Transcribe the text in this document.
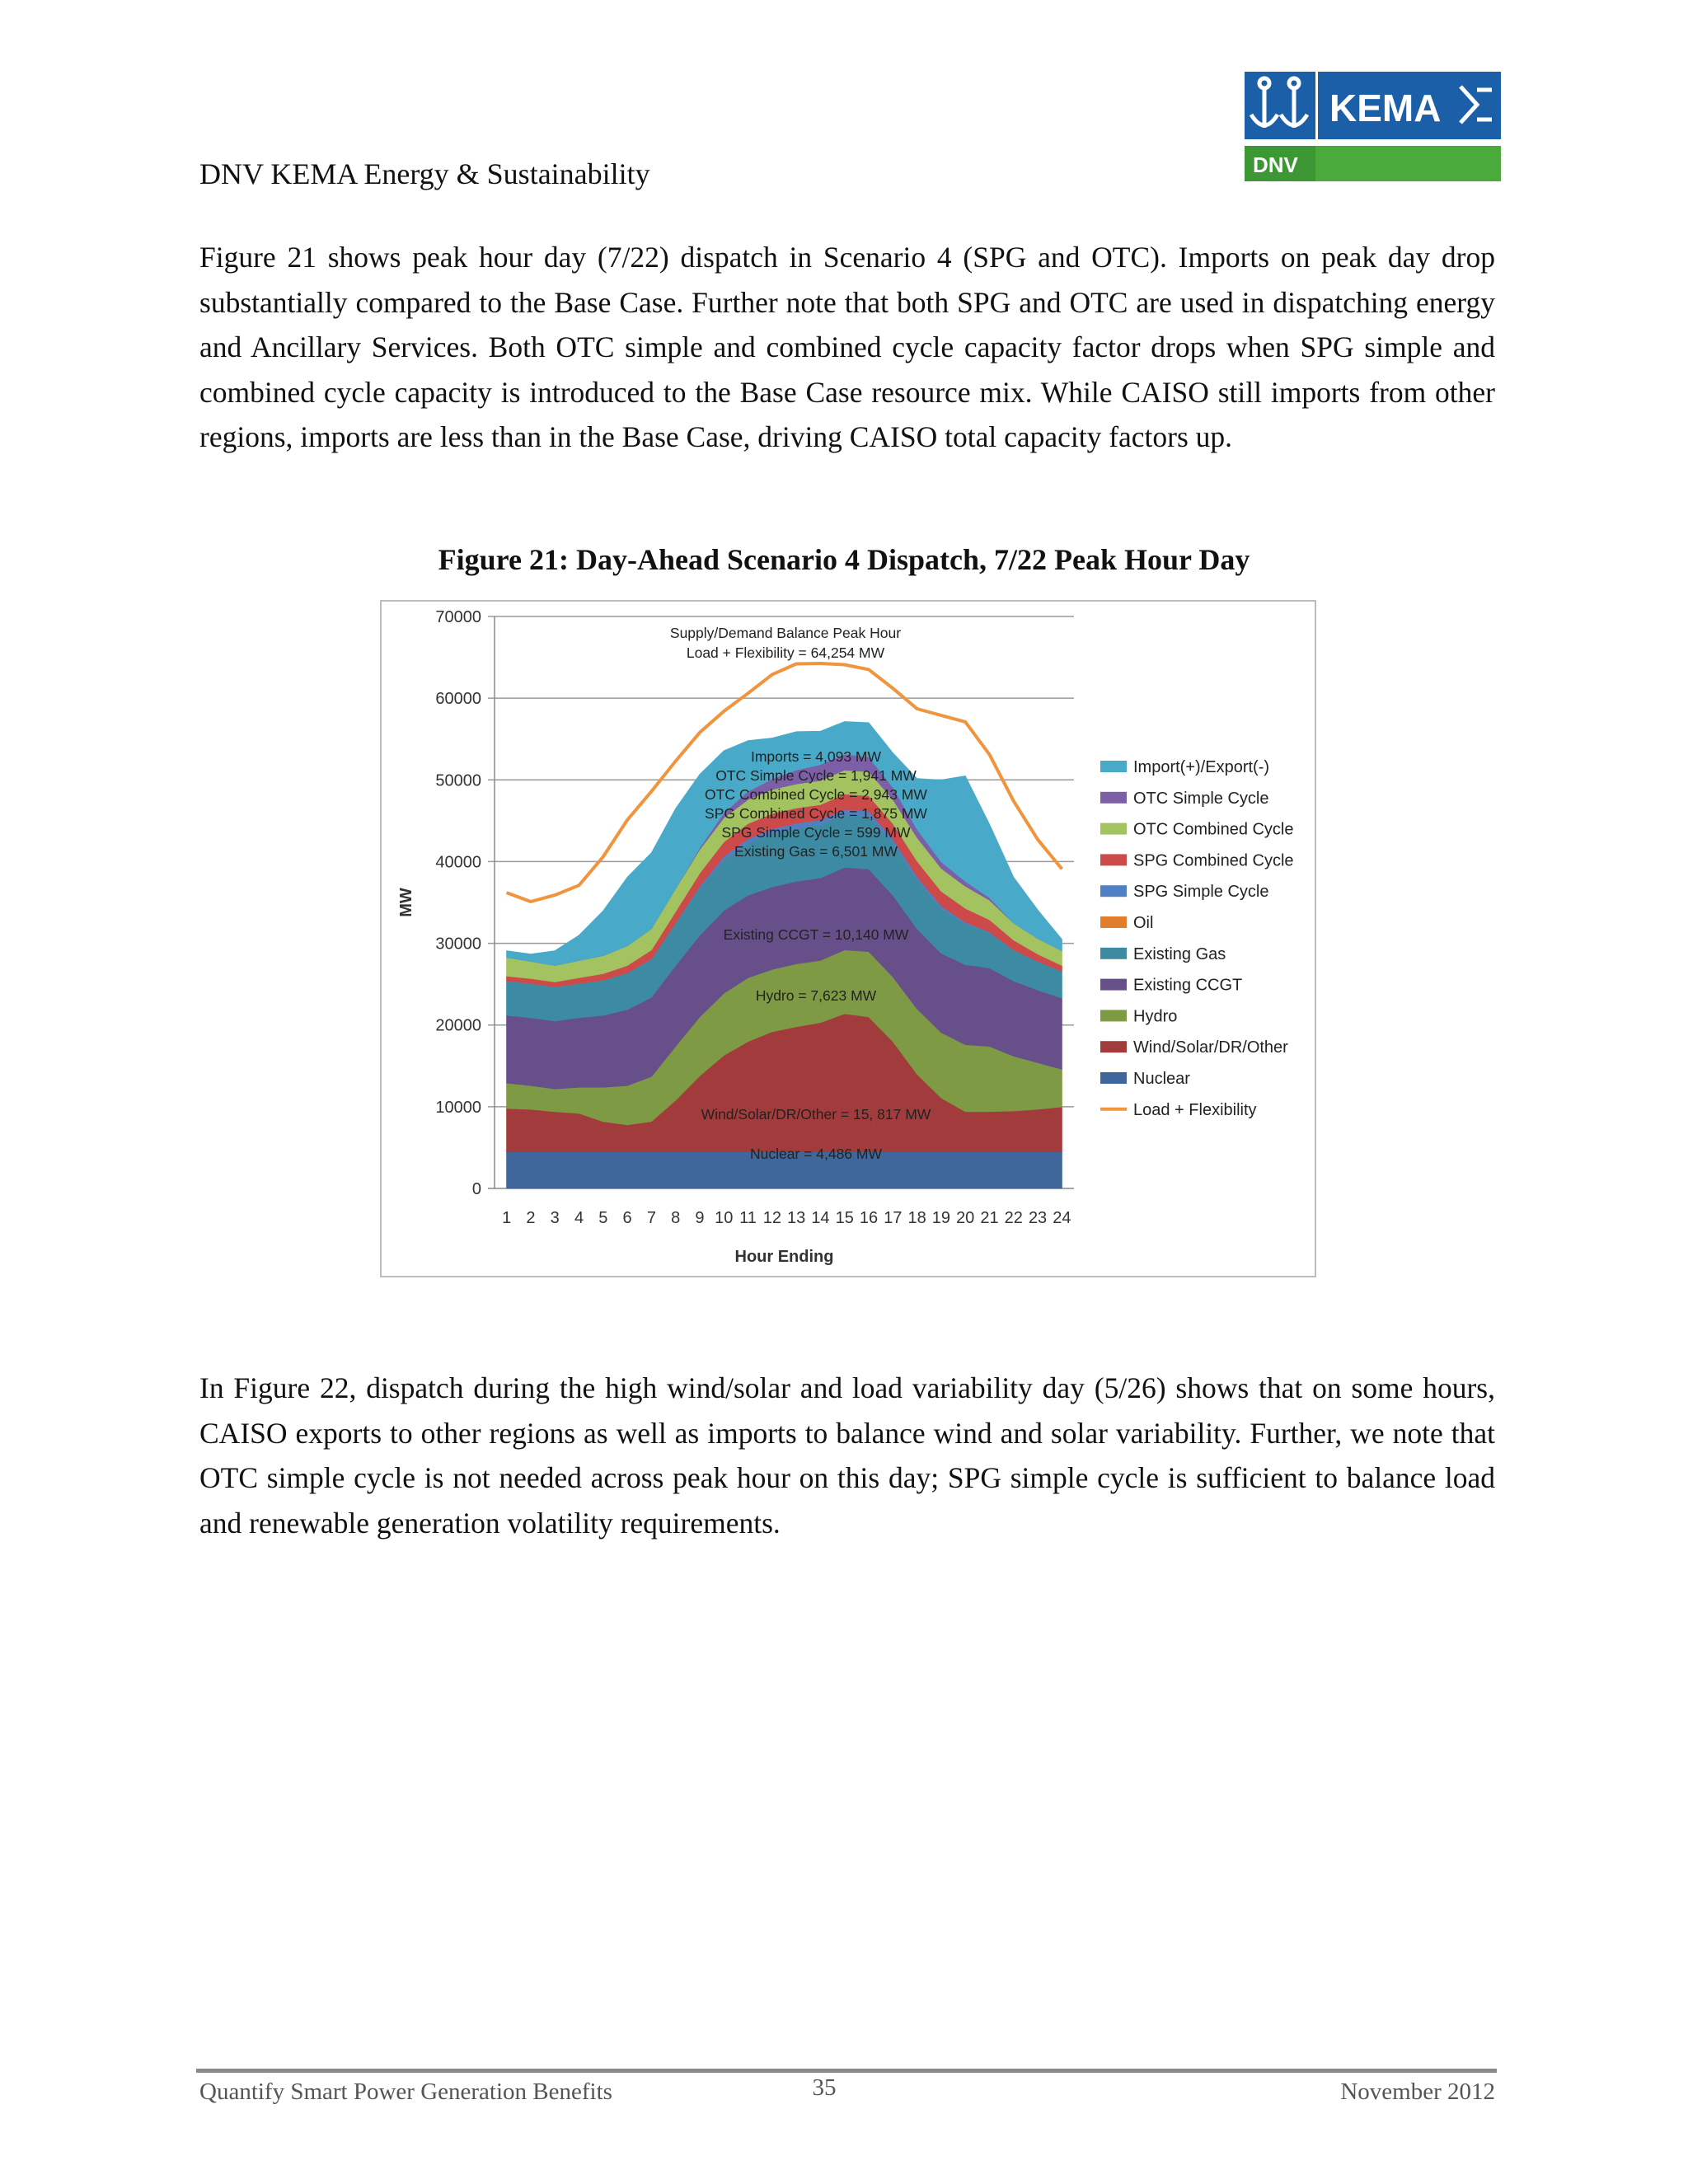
KEMA
DNV
DNV KEMA Energy & Sustainability

Figure 21 shows peak hour day (7/22) dispatch in Scenario 4 (SPG and OTC). Imports on peak day drop substantially compared to the Base Case. Further note that both SPG and OTC are used in dispatching energy and Ancillary Services. Both OTC simple and combined cycle capacity factor drops when SPG simple and combined cycle capacity is introduced to the Base Case resource mix. While CAISO still imports from other regions, imports are less than in the Base Case, driving CAISO total capacity factors up.

Figure 21: Day-Ahead Scenario 4 Dispatch, 7/22 Peak Hour Day
0
10000
20000
30000
40000
50000
60000
70000
1 2 3 4 5 6 7 8 9 10 11 12 13 14 15 16 17 18 19 20 21 22 23 24
Hour Ending
MW
Supply/Demand Balance Peak Hour
Load + Flexibility = 64,254 MW
Imports = 4,093 MW
OTC Simple Cycle = 1,941 MW
OTC Combined Cycle = 2,943 MW
SPG Combined Cycle = 1,875 MW
SPG Simple Cycle = 599 MW
Existing Gas = 6,501 MW
Existing CCGT = 10,140 MW
Hydro = 7,623 MW
Wind/Solar/DR/Other = 15, 817 MW
Nuclear = 4,486 MW
Import(+)/Export(-)
OTC Simple Cycle
OTC Combined Cycle
SPG Combined Cycle
SPG Simple Cycle
Oil
Existing Gas
Existing CCGT
Hydro
Wind/Solar/DR/Other
Nuclear
Load + Flexibility

In Figure 22, dispatch during the high wind/solar and load variability day (5/26) shows that on some hours, CAISO exports to other regions as well as imports to balance wind and solar variability. Further, we note that OTC simple cycle is not needed across peak hour on this day; SPG simple cycle is sufficient to balance load and renewable generation volatility requirements.

Quantify Smart Power Generation Benefits	35	November 2012
